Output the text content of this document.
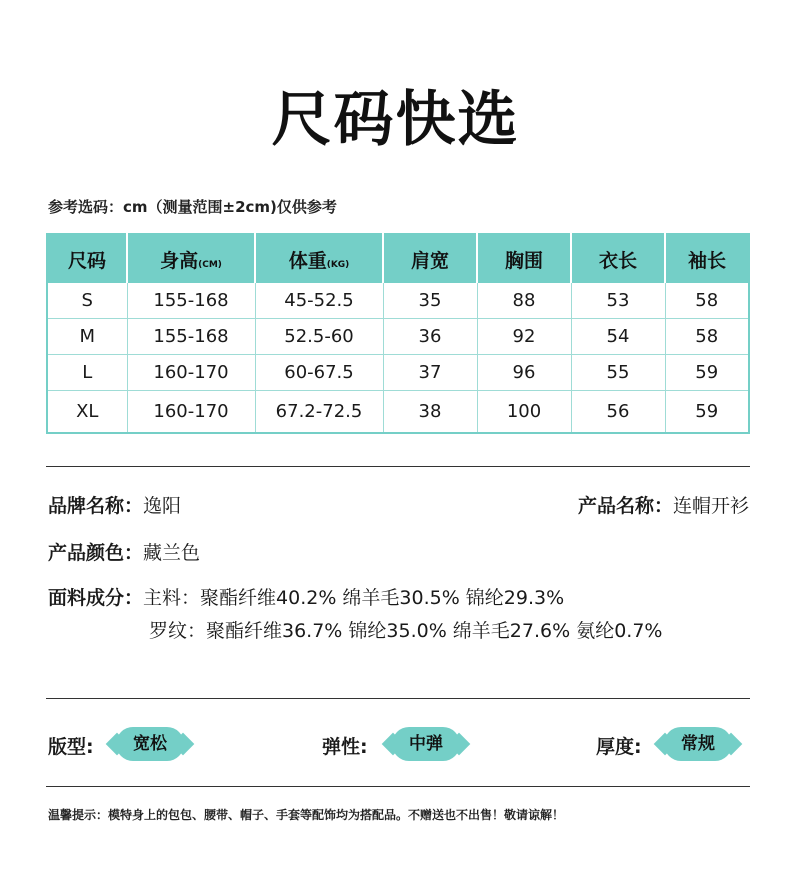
尺码快选
参考选码：cm（测量范围±2cm)仅供参考
尺码	身高(CM)	体重(KG)	肩宽	胸围	衣长	袖长
S	155-168	45-52.5	35	88	53	58
M	155-168	52.5-60	36	92	54	58
L	160-170	60-67.5	37	96	55	59
XL	160-170	67.2-72.5	38	100	56	59
品牌名称：逸阳	产品名称：连帽开衫
产品颜色：藏兰色
面料成分：主料：聚酯纤维40.2% 绵羊毛30.5% 锦纶29.3%
罗纹：聚酯纤维36.7% 锦纶35.0% 绵羊毛27.6% 氨纶0.7%
版型:	宽松	弹性:	中弹	厚度:	常规
温馨提示：模特身上的包包、腰带、帽子、手套等配饰均为搭配品。不赠送也不出售！敬请谅解！
